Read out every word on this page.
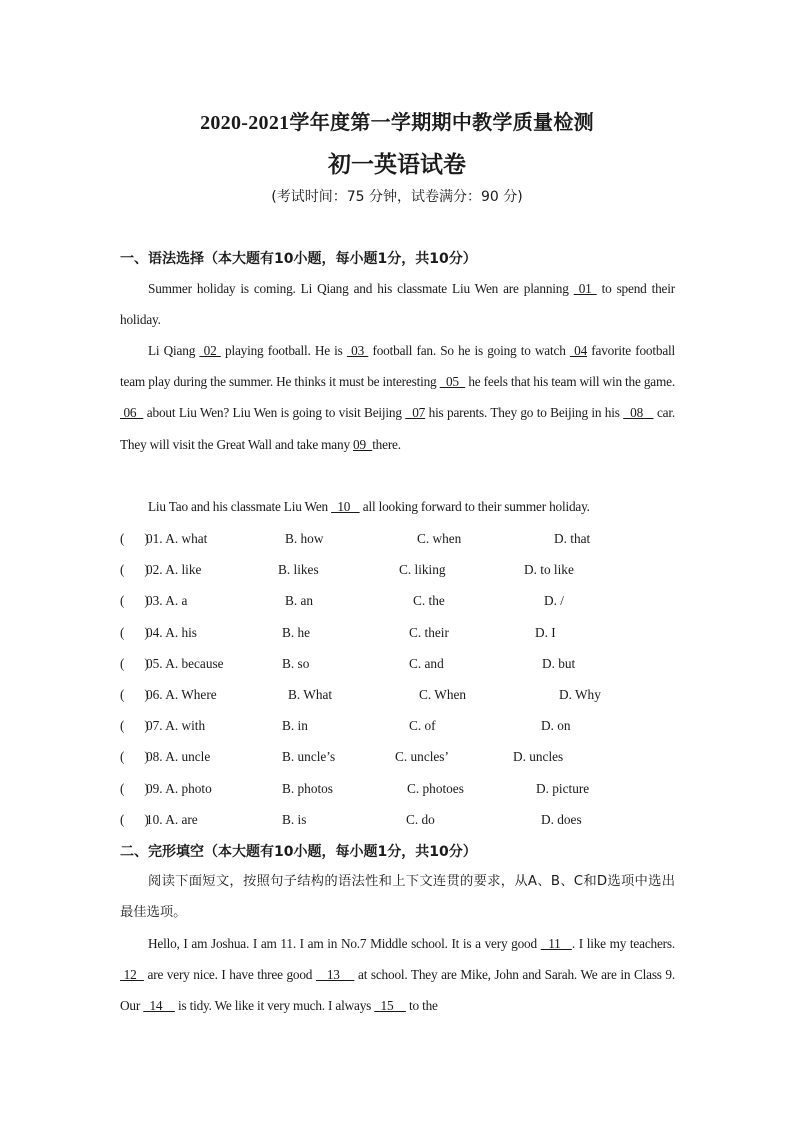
2020-2021学年度第一学期期中教学质量检测
初一英语试卷
(考试时间：75 分钟，试卷满分：90 分)
一、语法选择（本大题有10小题，每小题1分，共10分）
Summer holiday is coming. Li Qiang and his classmate Liu Wen are planning  01  to spend their holiday.
Li Qiang  02  playing football. He is  03  football fan. So he is going to watch  04 favorite football team play during the summer. He thinks it must be interesting   05   he feels that his team will win the game.  06   about Liu Wen? Liu Wen is going to visit Beijing   07 his parents. They go to Beijing in his   08    car. They will visit the Great Wall and take many 09  there.
Liu Tao and his classmate Liu Wen   10    all looking forward to their summer holiday.
(      )
01. A. what	B. how	C. when	D. that
(      )
02. A. like	B. likes	C. liking	D. to like
(      )
03. A. a	B. an	C. the	D. /
(      )
04. A. his	B. he	C. their	D. I
(      )
05. A. because	B. so	C. and	D. but
(      )
06. A. Where	B. What	C. When	D. Why
(      )
07. A. with	B. in	C. of	D. on
(      )
08. A. uncle	B. uncle’s	C. uncles’	D. uncles
(      )
09. A. photo	B. photos	C. photoes	D. picture
(      )
10. A. are	B. is	C. do	D. does
二、完形填空（本大题有10小题，每小题1分，共10分）
阅读下面短文，按照句子结构的语法性和上下文连贯的要求，从A、B、C和D选项中选出最佳选项。
Hello, I am Joshua. I am 11. I am in No.7 Middle school. It is a very good   11   . I like my teachers.  12   are very nice. I have three good    13     at school. They are Mike, John and Sarah. We are in Class 9. Our   14     is tidy. We like it very much. I always   15     to the
